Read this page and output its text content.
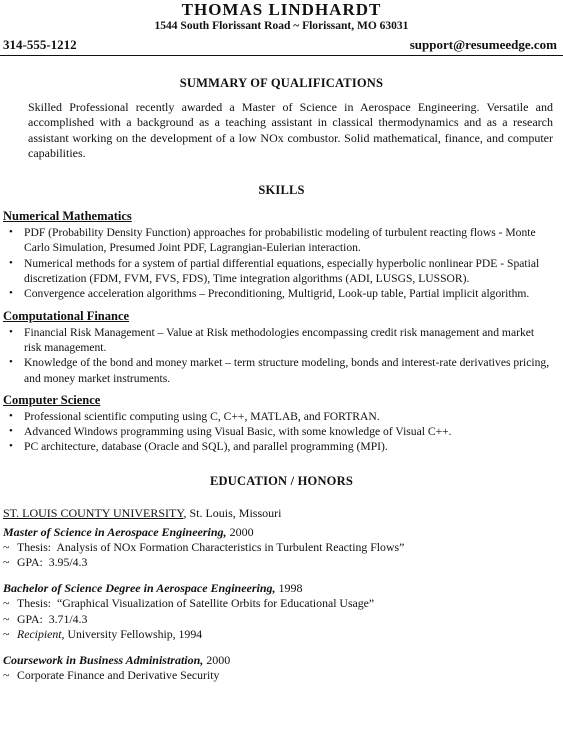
THOMAS LINDHARDT
1544 South Florissant Road ~ Florissant, MO 63031
314-555-1212	support@resumeedge.com
SUMMARY OF QUALIFICATIONS
Skilled Professional recently awarded a Master of Science in Aerospace Engineering. Versatile and accomplished with a background as a teaching assistant in classical thermodynamics and as a research assistant working on the development of a low NOx combustor. Solid mathematical, finance, and computer capabilities.
SKILLS
Numerical Mathematics
• PDF (Probability Density Function) approaches for probabilistic modeling of turbulent reacting flows - Monte Carlo Simulation, Presumed Joint PDF, Lagrangian-Eulerian interaction.
• Numerical methods for a system of partial differential equations, especially hyperbolic nonlinear PDE - Spatial discretization (FDM, FVM, FVS, FDS), Time integration algorithms (ADI, LUSGS, LUSSOR).
• Convergence acceleration algorithms – Preconditioning, Multigrid, Look-up table, Partial implicit algorithm.
Computational Finance
• Financial Risk Management – Value at Risk methodologies encompassing credit risk management and market risk management.
• Knowledge of the bond and money market – term structure modeling, bonds and interest-rate derivatives pricing, and money market instruments.
Computer Science
• Professional scientific computing using C, C++, MATLAB, and FORTRAN.
• Advanced Windows programming using Visual Basic, with some knowledge of Visual C++.
• PC architecture, database (Oracle and SQL), and parallel programming (MPI).
EDUCATION / HONORS
ST. LOUIS COUNTY UNIVERSITY, St. Louis, Missouri
Master of Science in Aerospace Engineering, 2000
~ Thesis: Analysis of NOx Formation Characteristics in Turbulent Reacting Flows”
~ GPA: 3.95/4.3
Bachelor of Science Degree in Aerospace Engineering, 1998
~ Thesis: “Graphical Visualization of Satellite Orbits for Educational Usage”
~ GPA: 3.71/4.3
~ Recipient, University Fellowship, 1994
Coursework in Business Administration, 2000
~ Corporate Finance and Derivative Security
